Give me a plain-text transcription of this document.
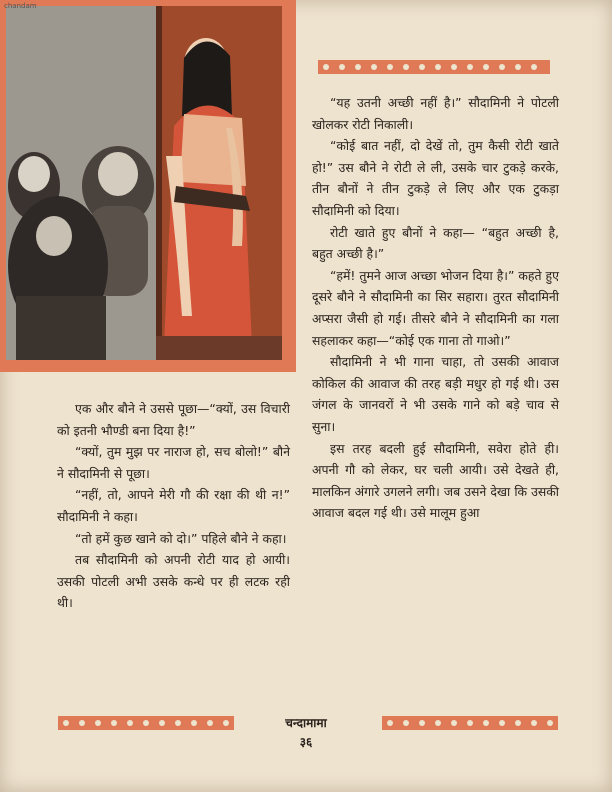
chandam

“यह उतनी अच्छी नहीं है।” सौदामिनी ने पोटली खोलकर रोटी निकाली।

“कोई बात नहीं, दो देखें तो, तुम कैसी रोटी खाते हो!” उस बौने ने रोटी ले ली, उसके चार टुकड़े करके, तीन बौनों ने तीन टुकड़े ले लिए और एक टुकड़ा सौदामिनी को दिया।

रोटी खाते हुए बौनों ने कहा— “बहुत अच्छी है, बहुत अच्छी है।”

“हमें! तुमने आज अच्छा भोजन दिया है।” कहते हुए दूसरे बौने ने सौदामिनी का सिर सहारा। तुरत सौदामिनी अप्सरा जैसी हो गई। तीसरे बौने ने सौदामिनी का गला सहलाकर कहा—“कोई एक गाना तो गाओ।”

सौदामिनी ने भी गाना चाहा, तो उसकी आवाज कोकिल की आवाज की तरह बड़ी मधुर हो गई थी। उस जंगल के जानवरों ने भी उसके गाने को बड़े चाव से सुना।

इस तरह बदली हुई सौदामिनी, सवेरा होते ही। अपनी गौ को लेकर, घर चली आयी। उसे देखते ही, मालकिन अंगारे उगलने लगी। जब उसने देखा कि उसकी आवाज बदल गई थी। उसे मालूम हुआ

एक और बौने ने उससे पूछा—“क्यों, उस विचारी को इतनी भौण्डी बना दिया है!”

“क्यों, तुम मुझ पर नाराज हो, सच बोलो!” बौने ने सौदामिनी से पूछा।

“नहीं, तो, आपने मेरी गौ की रक्षा की थी न!” सौदामिनी ने कहा।

“तो हमें कुछ खाने को दो।” पहिले बौने ने कहा।

तब सौदामिनी को अपनी रोटी याद हो आयी। उसकी पोटली अभी उसके कन्धे पर ही लटक रही थी।

चन्दामामा
३६
